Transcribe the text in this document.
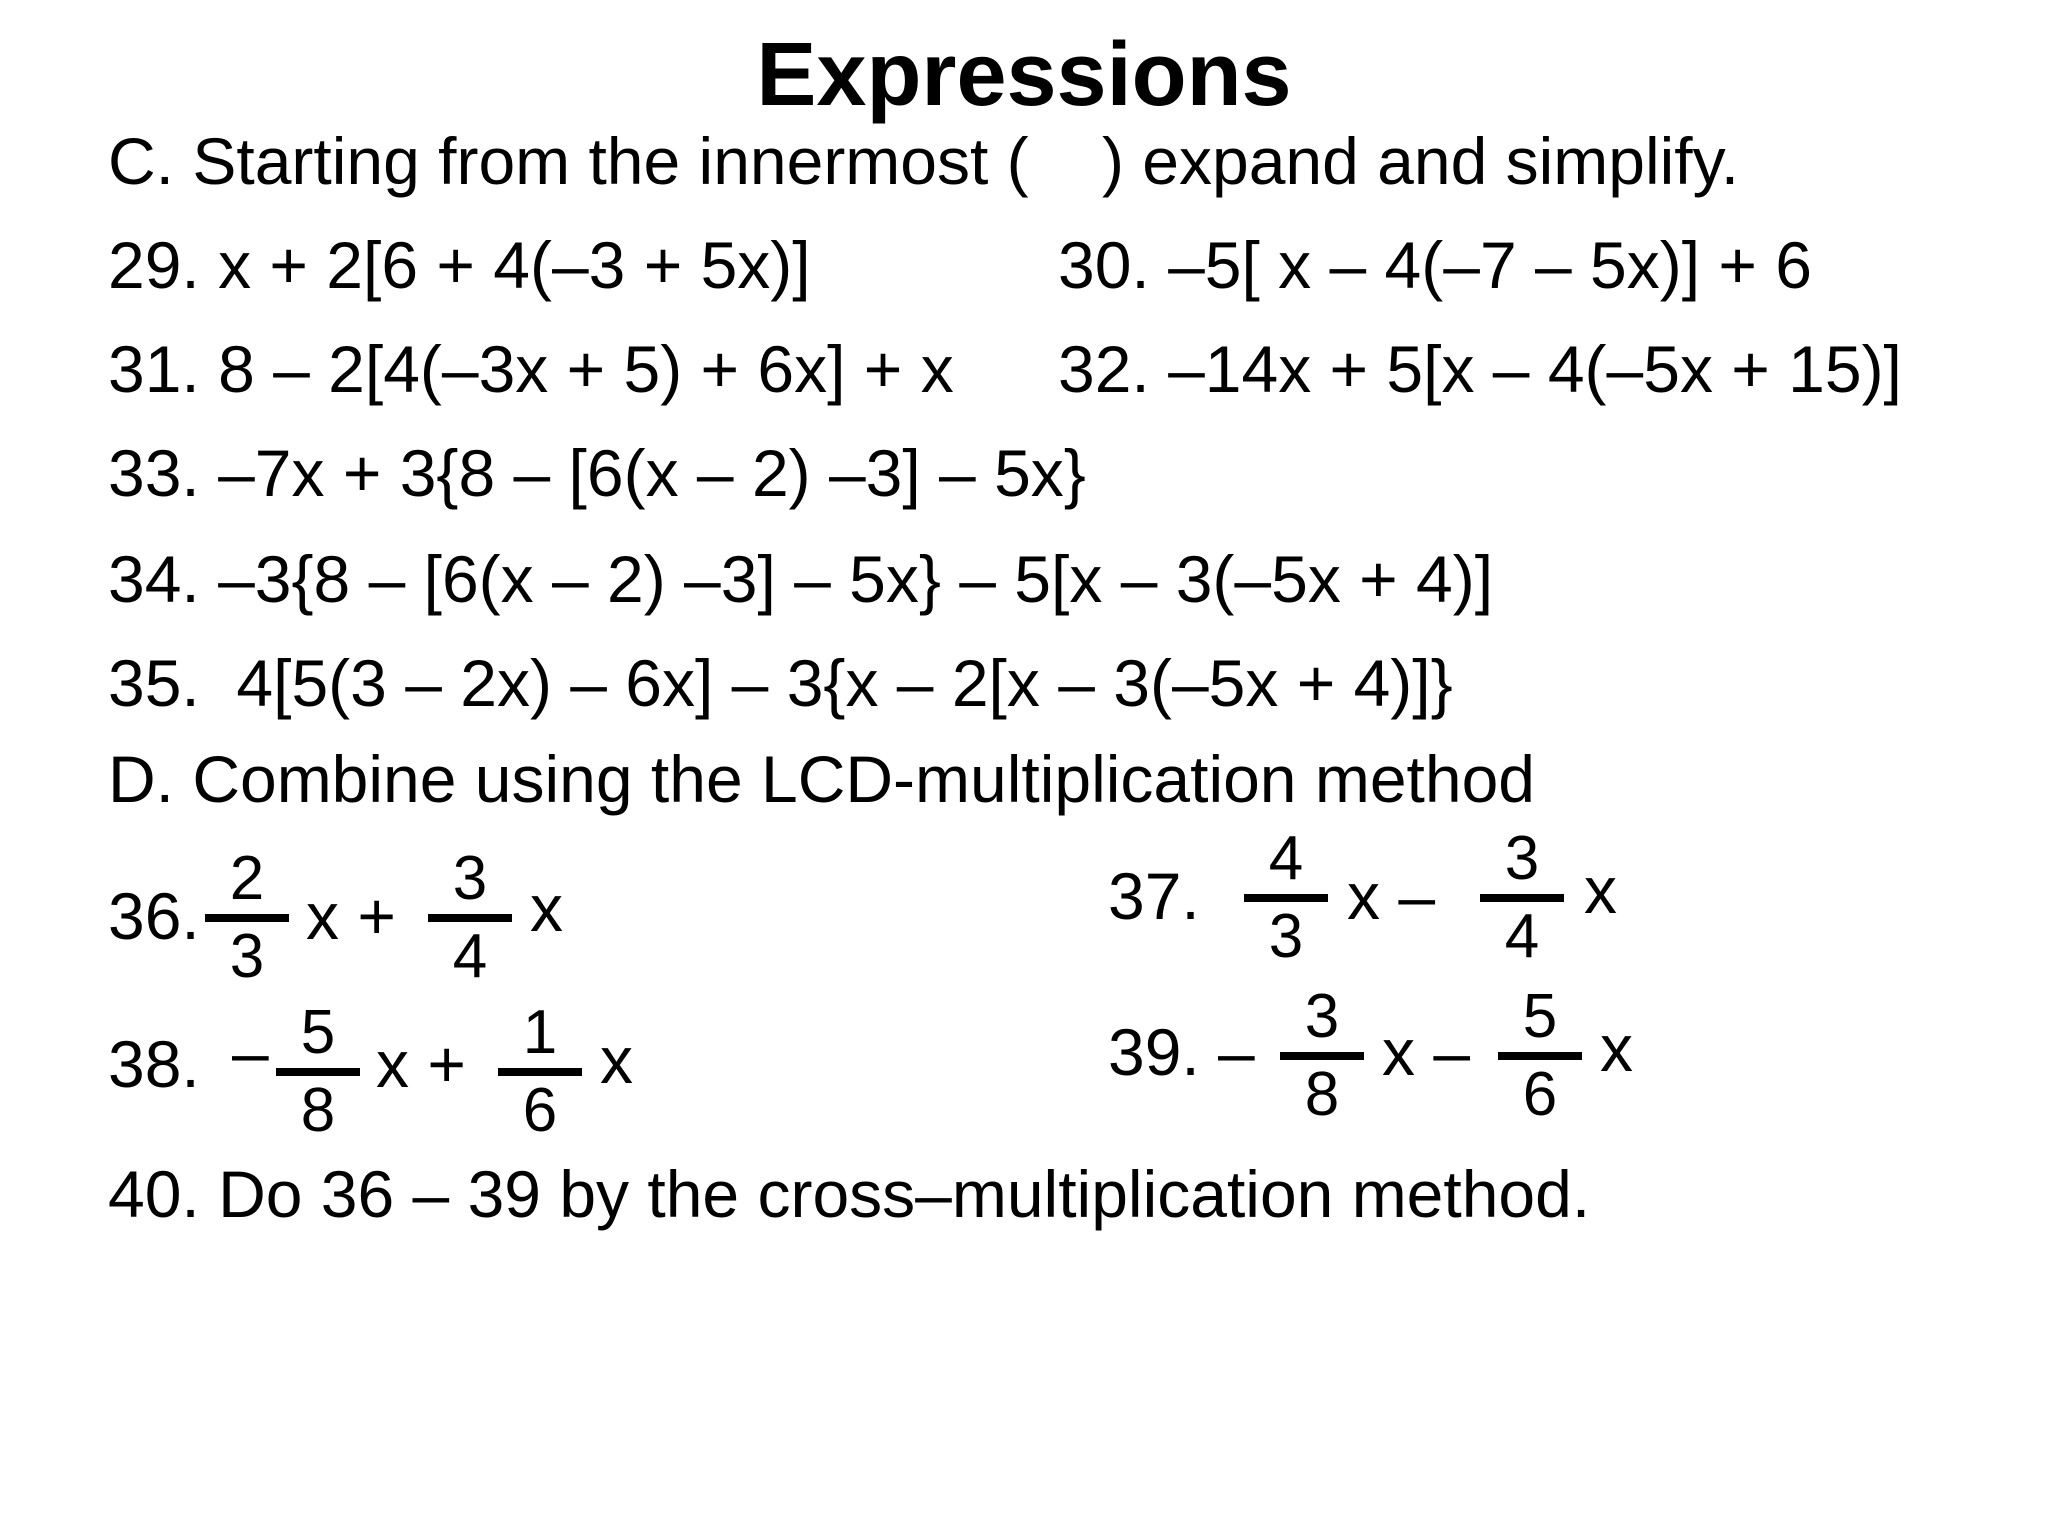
Expressions
C. Starting from the innermost (    ) expand and simplify.
29. x + 2[6 + 4(–3 + 5x)]	30. –5[ x – 4(–7 – 5x)] + 6
31. 8 – 2[4(–3x + 5) + 6x] + x 32. –14x + 5[x – 4(–5x + 15)]
33. –7x + 3{8 – [6(x – 2) –3] – 5x}
34. –3{8 – [6(x – 2) –3] – 5x} – 5[x – 3(–5x + 4)]
35.  4[5(3 – 2x) – 6x] – 3{x – 2[x – 3(–5x + 4)]}
D. Combine using the LCD-multiplication method
36.
2
3
x +
3
4
x	37.
4
3
x –
3
4
x
38. – 5
8
x + 1
6
x	39. – 3
8
x – 5
6
x
40. Do 36 – 39 by the cross–multiplication method.
